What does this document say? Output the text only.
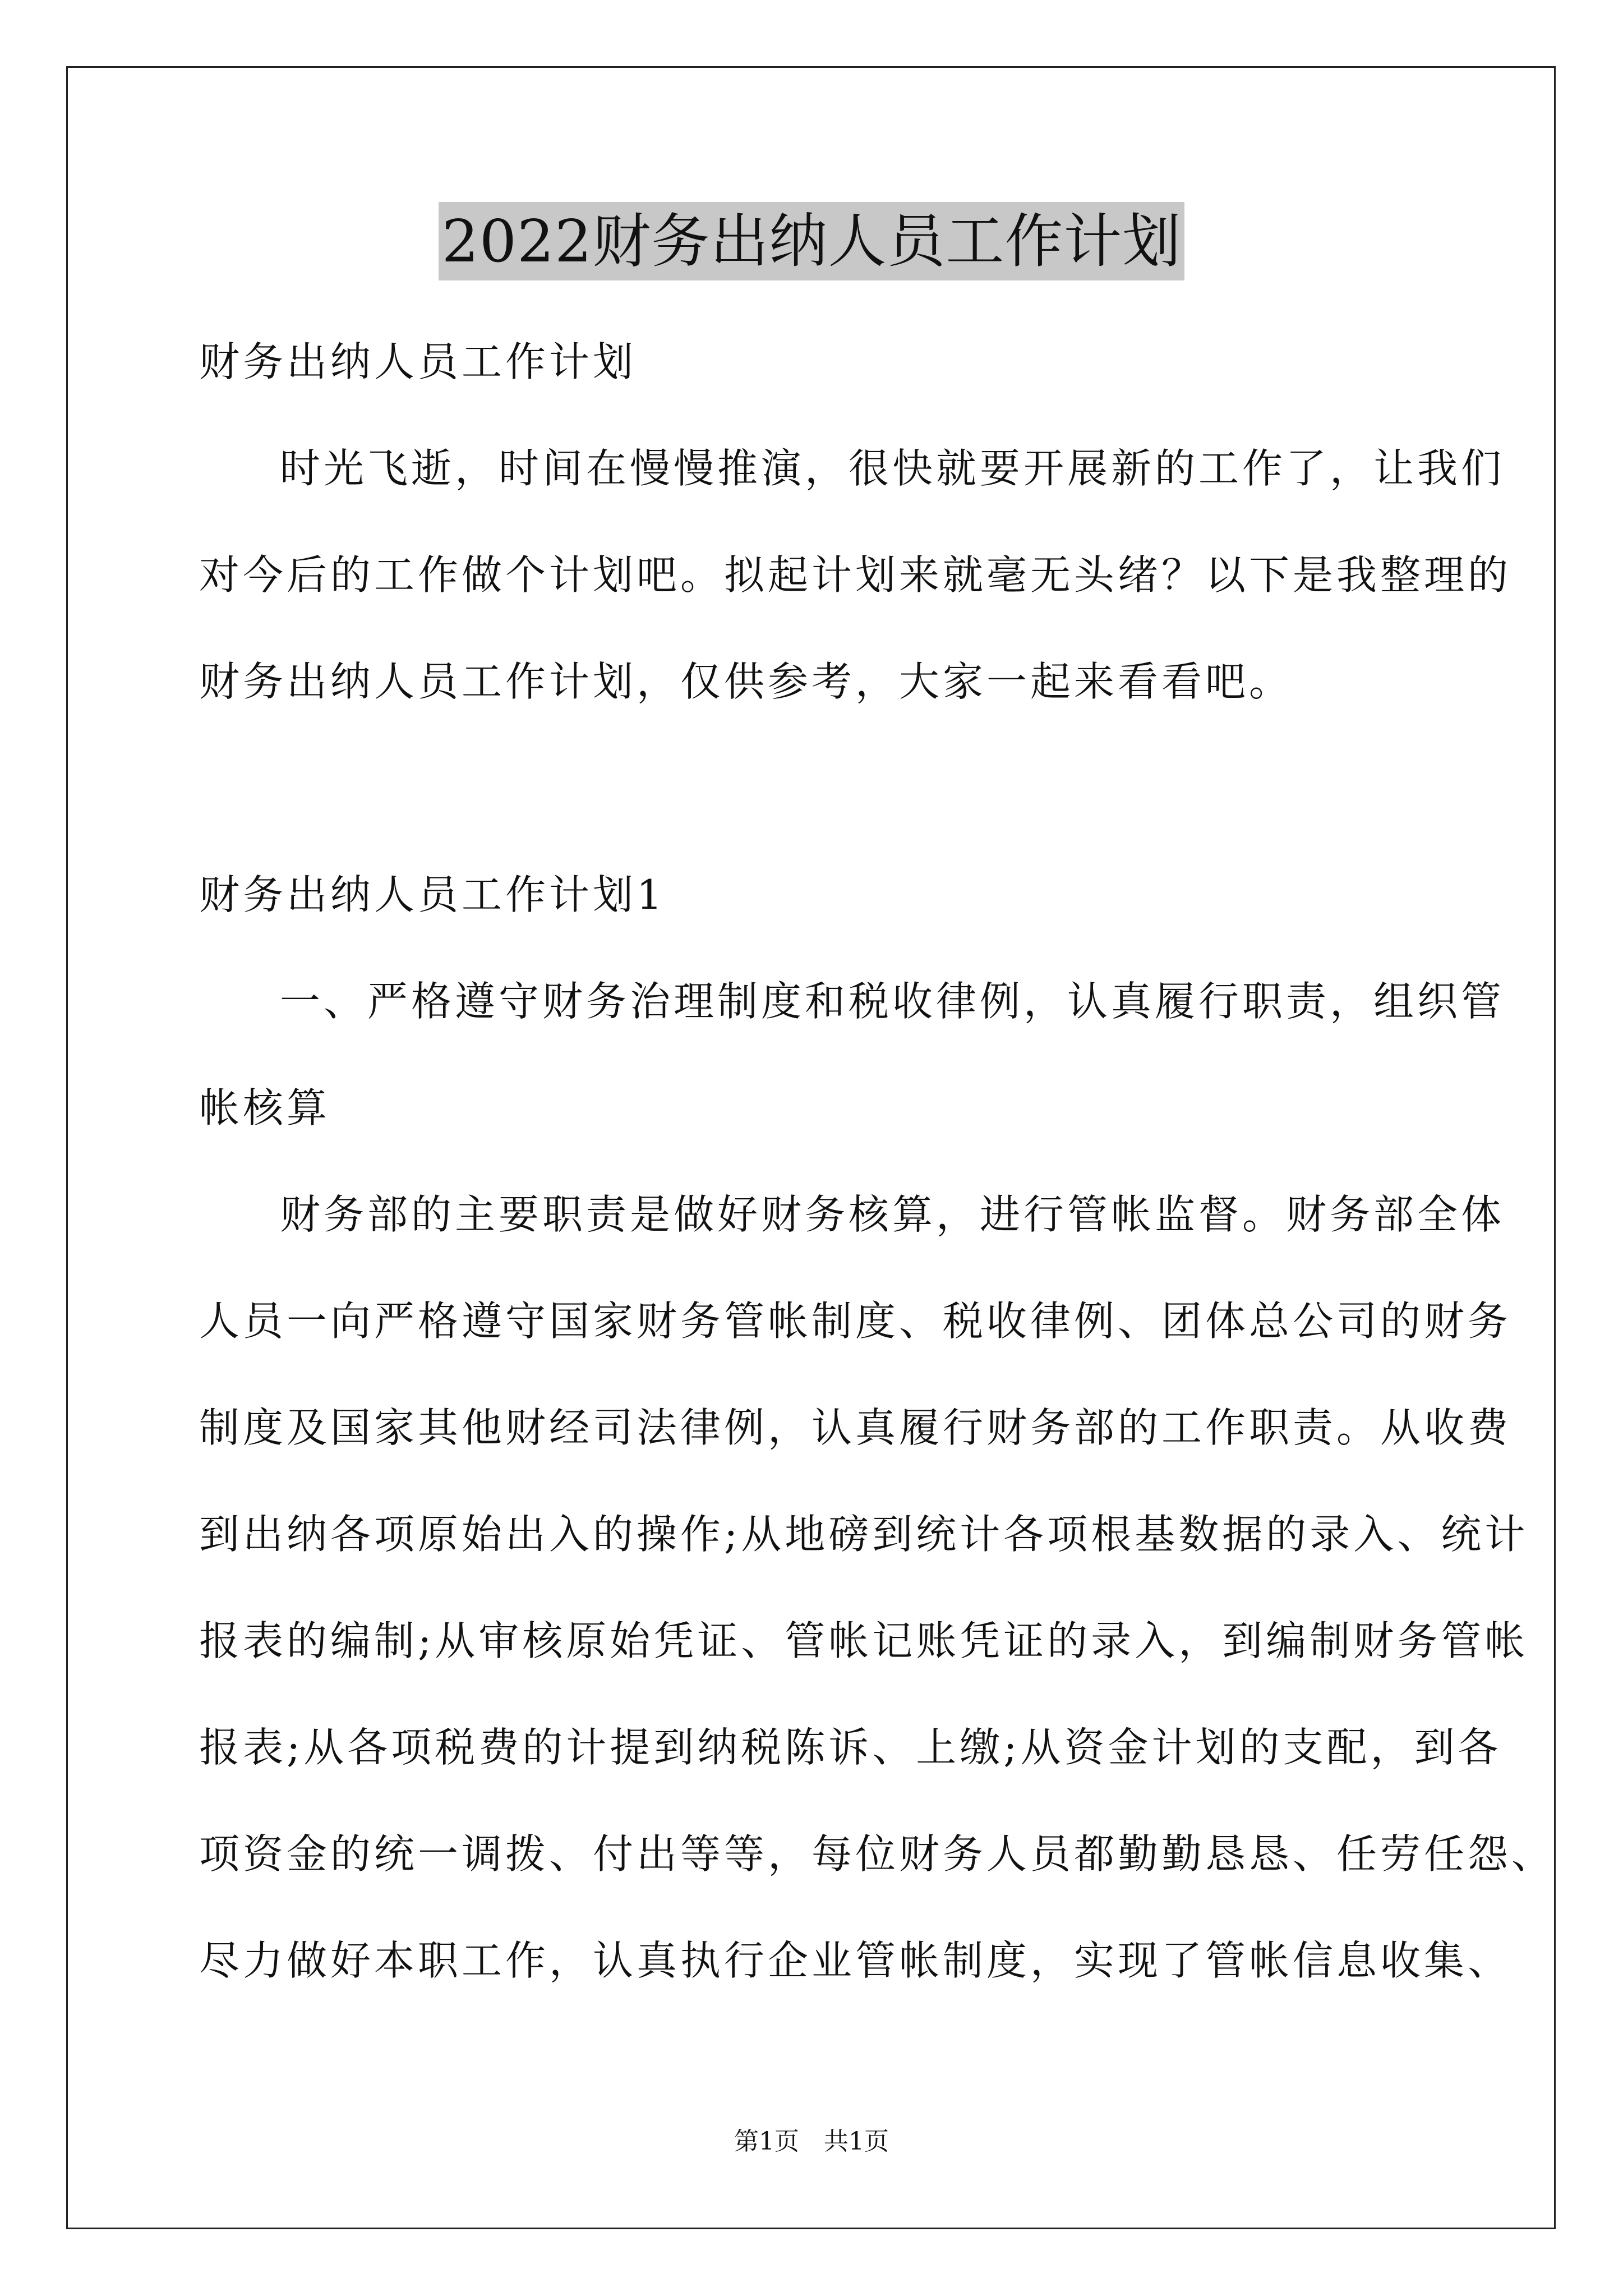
2022财务出纳人员工作计划
财务出纳人员工作计划
时光飞逝，时间在慢慢推演，很快就要开展新的工作了，让我们
对今后的工作做个计划吧。拟起计划来就毫无头绪？以下是我整理的
财务出纳人员工作计划，仅供参考，大家一起来看看吧。
财务出纳人员工作计划1
一、严格遵守财务治理制度和税收律例，认真履行职责，组织管
帐核算
财务部的主要职责是做好财务核算，进行管帐监督。财务部全体
人员一向严格遵守国家财务管帐制度、税收律例、团体总公司的财务
制度及国家其他财经司法律例，认真履行财务部的工作职责。从收费
到出纳各项原始出入的操作;从地磅到统计各项根基数据的录入、统计
报表的编制;从审核原始凭证、管帐记账凭证的录入，到编制财务管帐
报表;从各项税费的计提到纳税陈诉、上缴;从资金计划的支配，到各
项资金的统一调拨、付出等等，每位财务人员都勤勤恳恳、任劳任怨、
尽力做好本职工作，认真执行企业管帐制度，实现了管帐信息收集、
第1页　共1页
